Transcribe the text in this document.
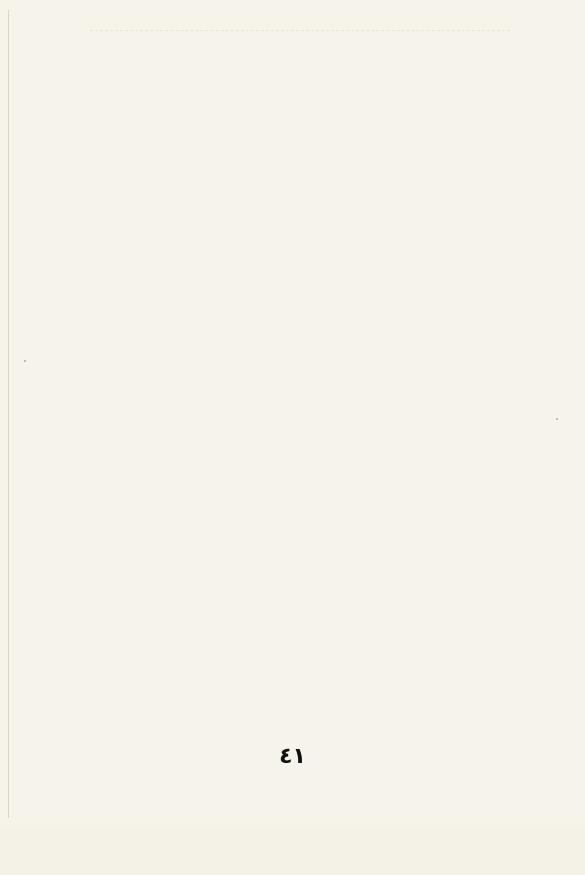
٤١
